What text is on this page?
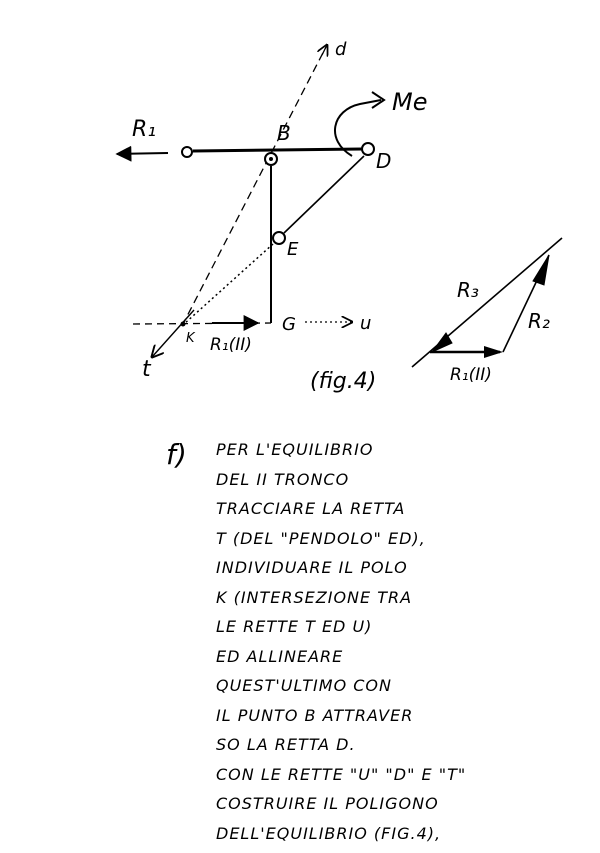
d
R₁	B
D
Me
E
G	u
R₁(II)
K
t	(fig.4)
R₃
R₂
R₁(II)
f) PER L'EQUILIBRIO
DEL II TRONCO
TRACCIARE LA RETTA
T (DEL "PENDOLO" ED),
INDIVIDUARE IL POLO
K (INTERSEZIONE TRA
LE RETTE T ED U)
ED ALLINEARE
QUEST'ULTIMO CON
IL PUNTO B ATTRAVER
SO LA RETTA D.
CON LE RETTE "U" "D" E "T"
COSTRUIRE IL POLIGONO
DELL'EQUILIBRIO (FIG.4),
